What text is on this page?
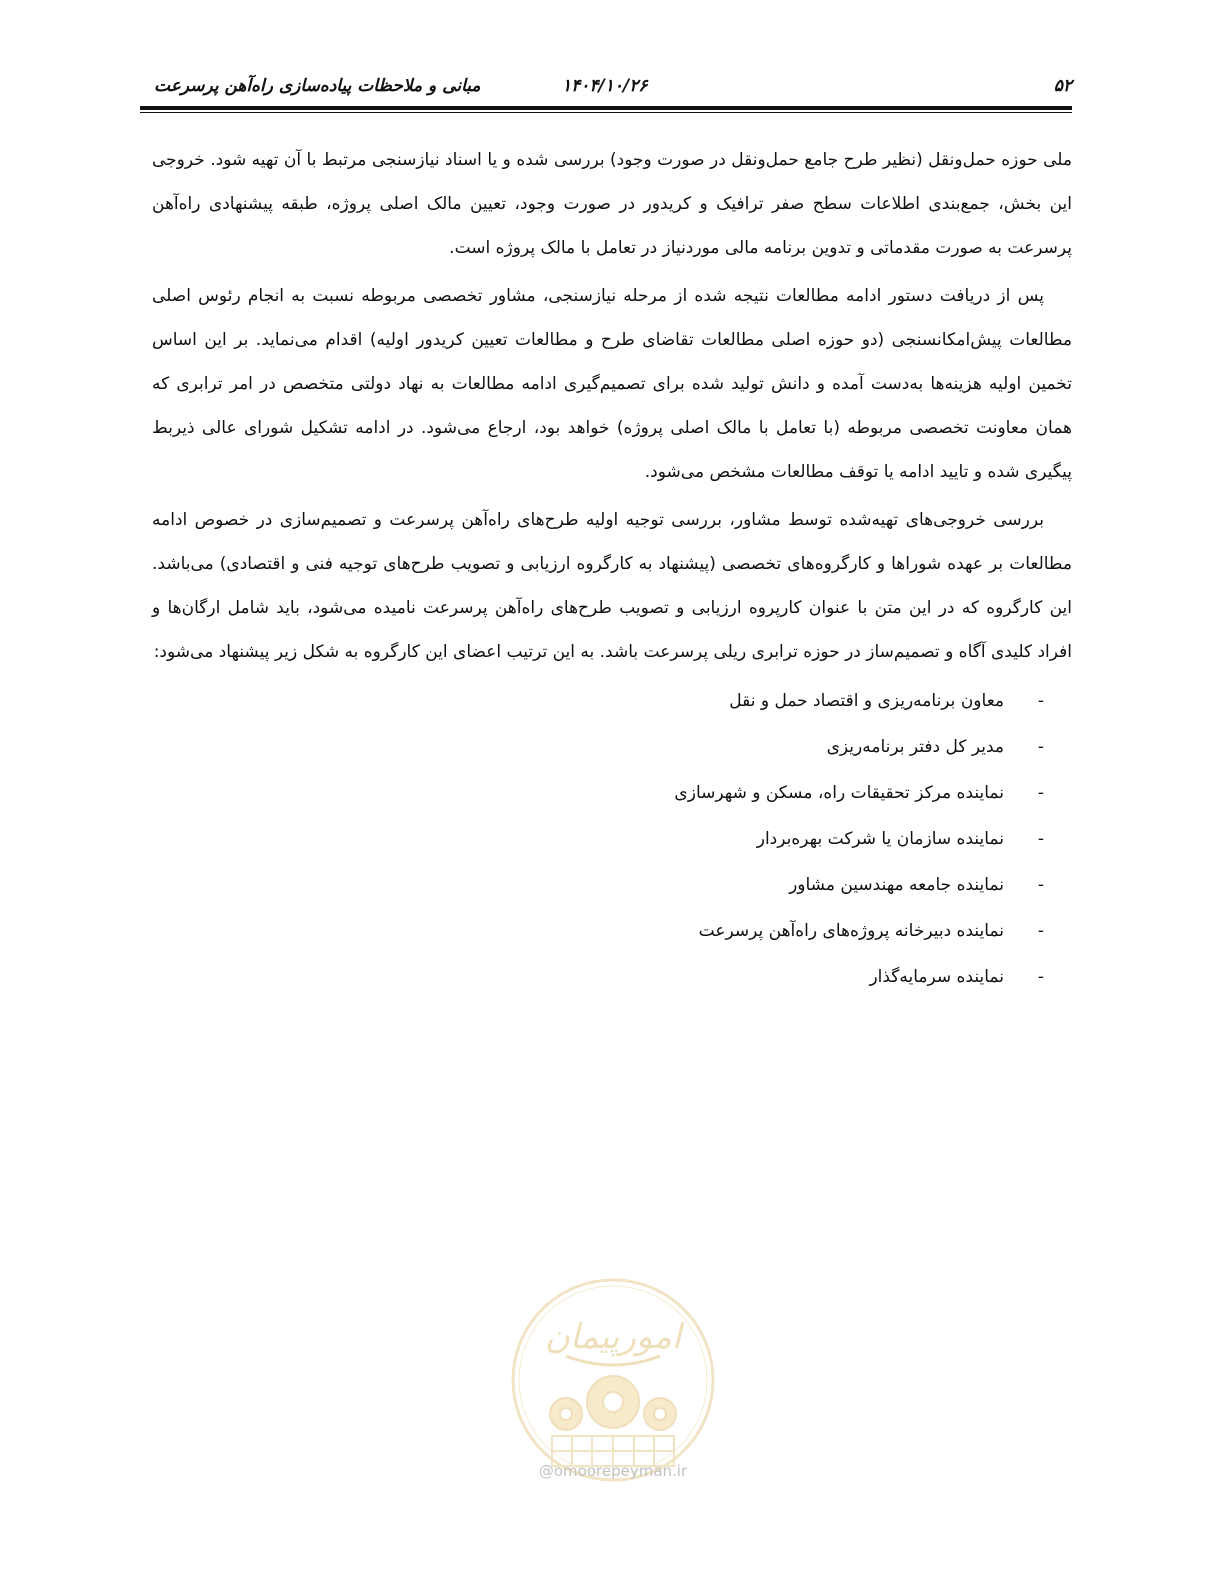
۵۲
۱۴۰۴/۱۰/۲۶
مبانی و ملاحظات پیاده‌سازی راه‌آهن پرسرعت

ملی حوزه حمل‌ونقل (نظیر طرح جامع حمل‌ونقل در صورت وجود) بررسی شده و یا اسناد نیازسنجی مرتبط با آن تهیه شود. خروجی این بخش، جمع‌بندی اطلاعات سطح صفر ترافیک و کریدور در صورت وجود، تعیین مالک اصلی پروژه، طبقه پیشنهادی راه‌آهن پرسرعت به صورت مقدماتی و تدوین برنامه مالی موردنیاز در تعامل با مالک پروژه است.

پس از دریافت دستور ادامه مطالعات نتیجه شده از مرحله نیازسنجی، مشاور تخصصی مربوطه نسبت به انجام رئوس اصلی مطالعات پیش‌امکانسنجی (دو حوزه اصلی مطالعات تقاضای طرح و مطالعات تعیین کریدور اولیه) اقدام می‌نماید. بر این اساس تخمین اولیه هزینه‌ها به‌دست آمده و دانش تولید شده برای تصمیم‌گیری ادامه مطالعات به نهاد دولتی متخصص در امر ترابری که همان معاونت تخصصی مربوطه (با تعامل با مالک اصلی پروژه) خواهد بود، ارجاع می‌شود. در ادامه تشکیل شورای عالی ذیربط پیگیری شده و تایید ادامه یا توقف مطالعات مشخص می‌شود.

بررسی خروجی‌های تهیه‌شده توسط مشاور، بررسی توجیه اولیه طرح‌های راه‌آهن پرسرعت و تصمیم‌سازی در خصوص ادامه مطالعات بر عهده شوراها و کارگروه‌های تخصصی (پیشنهاد به کارگروه ارزیابی و تصویب طرح‌های توجیه فنی و اقتصادی) می‌باشد. این کارگروه که در این متن با عنوان کارپروه ارزیابی و تصویب طرح‌های راه‌آهن پرسرعت نامیده می‌شود، باید شامل ارگان‌ها و افراد کلیدی آگاه و تصمیم‌ساز در حوزه ترابری ریلی پرسرعت باشد. به این ترتیب اعضای این کارگروه به شکل زیر پیشنهاد می‌شود:

-
معاون برنامه‌ریزی و اقتصاد حمل و نقل
-
مدیر کل دفتر برنامه‌ریزی
-
نماینده مرکز تحقیقات راه، مسکن و شهرسازی
-
نماینده سازمان یا شرکت بهره‌بردار
-
نماینده جامعه مهندسین مشاور
-
نماینده دبیرخانه پروژه‌های راه‌آهن پرسرعت
-
نماینده سرمایه‌گذار
امورپیمان
@omoorepeyman.ir
